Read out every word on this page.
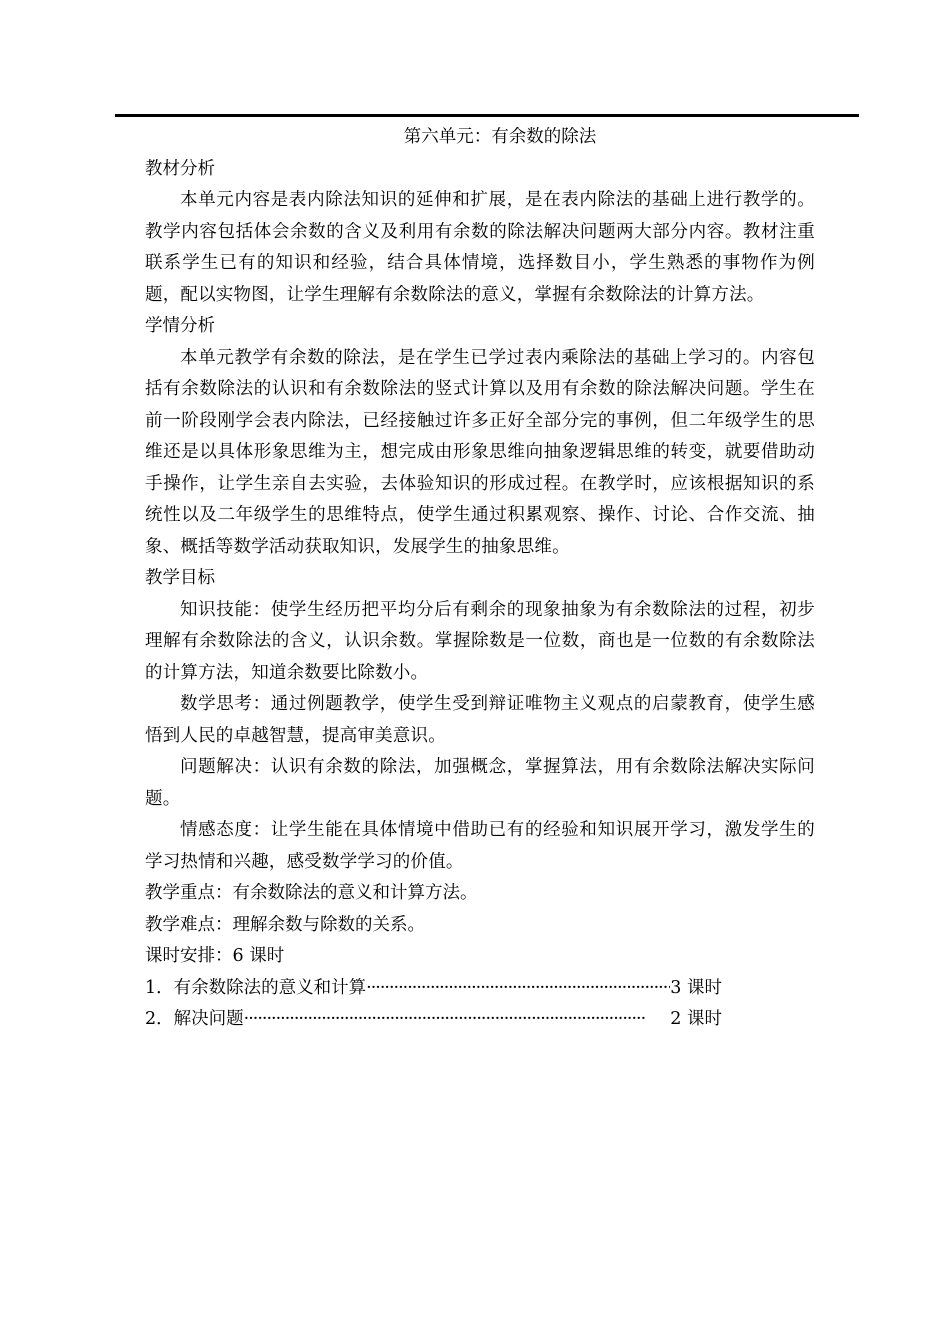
第六单元：有余数的除法
教材分析

本单元内容是表内除法知识的延伸和扩展，是在表内除法的基础上进行教学的。教学内容包括体会余数的含义及利用有余数的除法解决问题两大部分内容。教材注重联系学生已有的知识和经验，结合具体情境，选择数目小，学生熟悉的事物作为例题，配以实物图，让学生理解有余数除法的意义，掌握有余数除法的计算方法。

学情分析

本单元教学有余数的除法，是在学生已学过表内乘除法的基础上学习的。内容包括有余数除法的认识和有余数除法的竖式计算以及用有余数的除法解决问题。学生在前一阶段刚学会表内除法，已经接触过许多正好全部分完的事例，但二年级学生的思维还是以具体形象思维为主，想完成由形象思维向抽象逻辑思维的转变，就要借助动手操作，让学生亲自去实验，去体验知识的形成过程。在教学时，应该根据知识的系统性以及二年级学生的思维特点，使学生通过积累观察、操作、讨论、合作交流、抽象、概括等数学活动获取知识，发展学生的抽象思维。

教学目标

知识技能：使学生经历把平均分后有剩余的现象抽象为有余数除法的过程，初步理解有余数除法的含义，认识余数。掌握除数是一位数，商也是一位数的有余数除法的计算方法，知道余数要比除数小。

数学思考：通过例题教学，使学生受到辩证唯物主义观点的启蒙教育，使学生感悟到人民的卓越智慧，提高审美意识。

问题解决：认识有余数的除法，加强概念，掌握算法，用有余数除法解决实际问题。

情感态度：让学生能在具体情境中借助已有的经验和知识展开学习，激发学生的学习热情和兴趣，感受数学学习的价值。

教学重点：有余数除法的意义和计算方法。

教学难点：理解余数与除数的关系。

课时安排：6 课时

1．有余数除法的意义和计算 ·····	3 课时
2．解决问题 ·····	2 课时
